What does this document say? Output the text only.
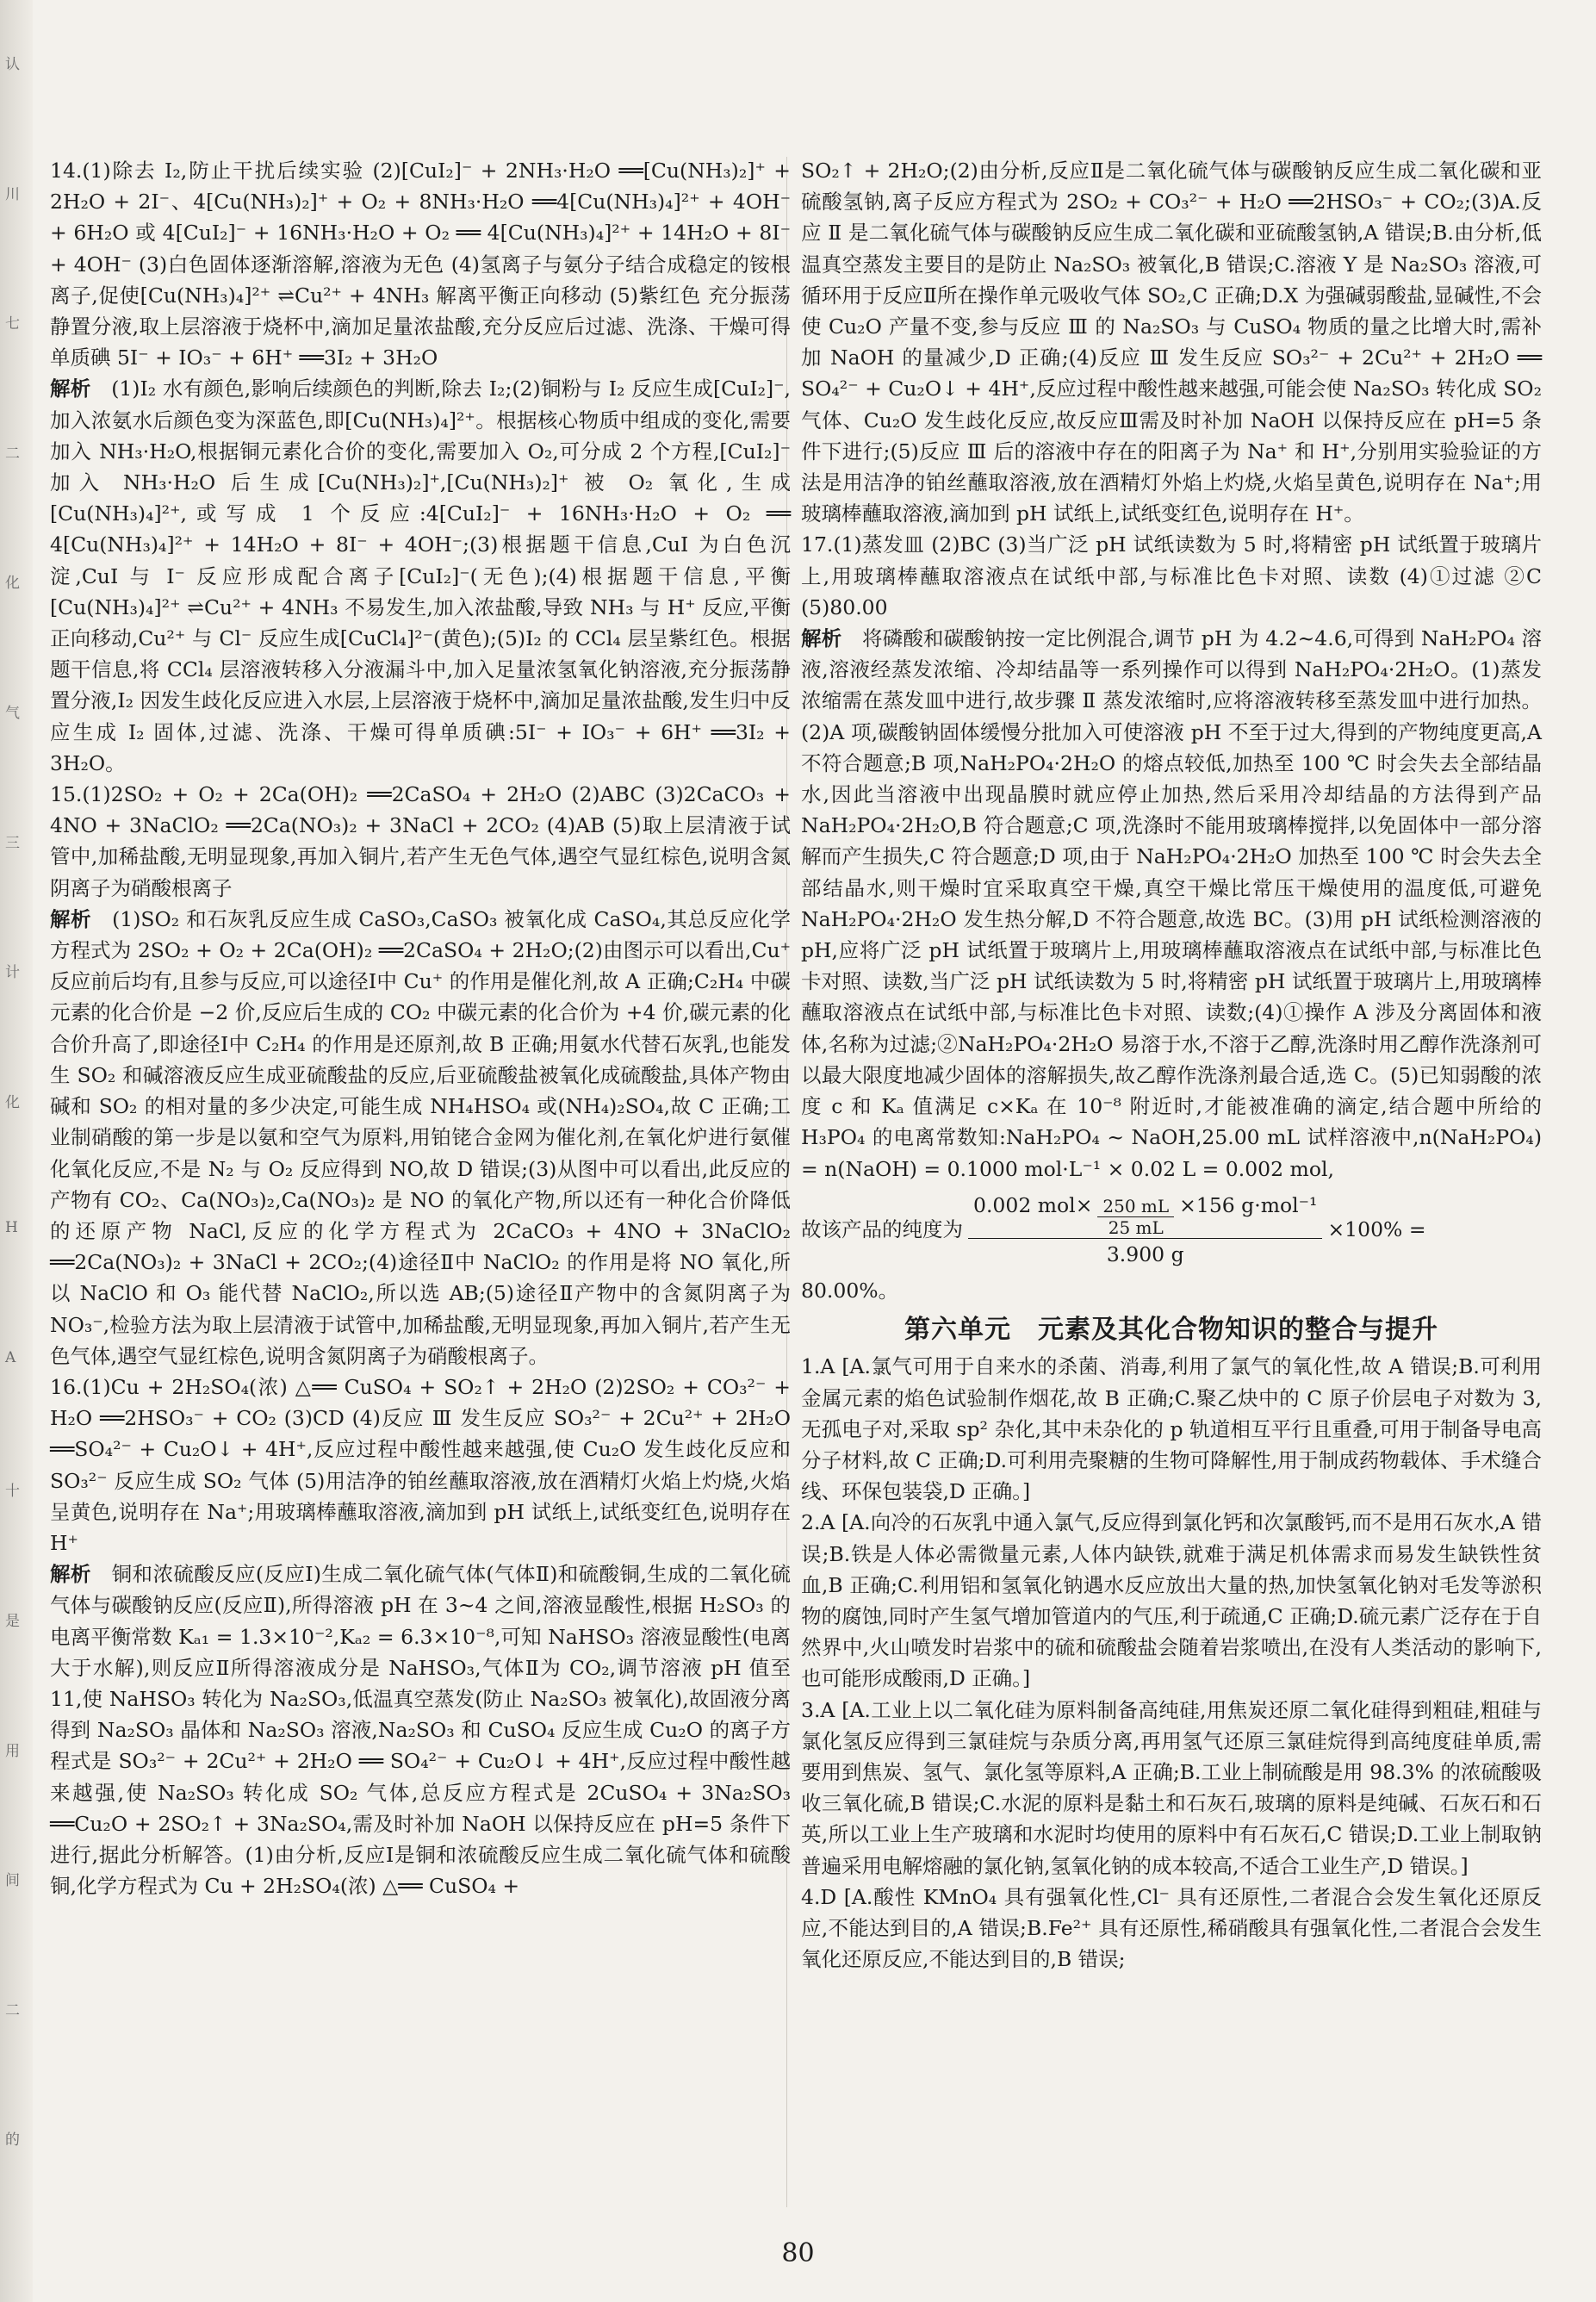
认
川
七
二
化
气
三
计
化
H
A
十
是
用
间
二
的

14.(1)除去 I₂,防止干扰后续实验 (2)[CuI₂]⁻ + 2NH₃·H₂O ══[Cu(NH₃)₂]⁺ + 2H₂O + 2I⁻、4[Cu(NH₃)₂]⁺ + O₂ + 8NH₃·H₂O ══4[Cu(NH₃)₄]²⁺ + 4OH⁻ + 6H₂O 或 4[CuI₂]⁻ + 16NH₃·H₂O + O₂ ══ 4[Cu(NH₃)₄]²⁺ + 14H₂O + 8I⁻ + 4OH⁻ (3)白色固体逐渐溶解,溶液为无色 (4)氢离子与氨分子结合成稳定的铵根离子,促使[Cu(NH₃)₄]²⁺ ⇌Cu²⁺ + 4NH₃ 解离平衡正向移动 (5)紫红色 充分振荡静置分液,取上层溶液于烧杯中,滴加足量浓盐酸,充分反应后过滤、洗涤、干燥可得单质碘 5I⁻ + IO₃⁻ + 6H⁺ ══3I₂ + 3H₂O

解析　 (1)I₂ 水有颜色,影响后续颜色的判断,除去 I₂;(2)铜粉与 I₂ 反应生成[CuI₂]⁻,加入浓氨水后颜色变为深蓝色,即[Cu(NH₃)₄]²⁺。根据核心物质中组成的变化,需要加入 NH₃·H₂O,根据铜元素化合价的变化,需要加入 O₂,可分成 2 个方程,[CuI₂]⁻ 加入 NH₃·H₂O 后生成[Cu(NH₃)₂]⁺,[Cu(NH₃)₂]⁺ 被 O₂ 氧化,生成[Cu(NH₃)₄]²⁺,或写成 1 个反应:4[CuI₂]⁻ + 16NH₃·H₂O + O₂ ══ 4[Cu(NH₃)₄]²⁺ + 14H₂O + 8I⁻ + 4OH⁻;(3)根据题干信息,CuI 为白色沉淀,CuI 与 I⁻ 反应形成配合离子[CuI₂]⁻(无色);(4)根据题干信息,平衡[Cu(NH₃)₄]²⁺ ⇌Cu²⁺ + 4NH₃ 不易发生,加入浓盐酸,导致 NH₃ 与 H⁺ 反应,平衡正向移动,Cu²⁺ 与 Cl⁻ 反应生成[CuCl₄]²⁻(黄色);(5)I₂ 的 CCl₄ 层呈紫红色。根据题干信息,将 CCl₄ 层溶液转移入分液漏斗中,加入足量浓氢氧化钠溶液,充分振荡静置分液,I₂ 因发生歧化反应进入水层,上层溶液于烧杯中,滴加足量浓盐酸,发生归中反应生成 I₂ 固体,过滤、洗涤、干燥可得单质碘:5I⁻ + IO₃⁻ + 6H⁺ ══3I₂ + 3H₂O。

15.(1)2SO₂ + O₂ + 2Ca(OH)₂ ══2CaSO₄ + 2H₂O (2)ABC (3)2CaCO₃ + 4NO + 3NaClO₂ ══2Ca(NO₃)₂ + 3NaCl + 2CO₂ (4)AB (5)取上层清液于试管中,加稀盐酸,无明显现象,再加入铜片,若产生无色气体,遇空气显红棕色,说明含氮阴离子为硝酸根离子

解析　 (1)SO₂ 和石灰乳反应生成 CaSO₃,CaSO₃ 被氧化成 CaSO₄,其总反应化学方程式为 2SO₂ + O₂ + 2Ca(OH)₂ ══2CaSO₄ + 2H₂O;(2)由图示可以看出,Cu⁺ 反应前后均有,且参与反应,可以途径Ⅰ中 Cu⁺ 的作用是催化剂,故 A 正确;C₂H₄ 中碳元素的化合价是 −2 价,反应后生成的 CO₂ 中碳元素的化合价为 +4 价,碳元素的化合价升高了,即途径Ⅰ中 C₂H₄ 的作用是还原剂,故 B 正确;用氨水代替石灰乳,也能发生 SO₂ 和碱溶液反应生成亚硫酸盐的反应,后亚硫酸盐被氧化成硫酸盐,具体产物由碱和 SO₂ 的相对量的多少决定,可能生成 NH₄HSO₄ 或(NH₄)₂SO₄,故 C 正确;工业制硝酸的第一步是以氨和空气为原料,用铂铑合金网为催化剂,在氧化炉进行氨催化氧化反应,不是 N₂ 与 O₂ 反应得到 NO,故 D 错误;(3)从图中可以看出,此反应的产物有 CO₂、Ca(NO₃)₂,Ca(NO₃)₂ 是 NO 的氧化产物,所以还有一种化合价降低的还原产物 NaCl,反应的化学方程式为 2CaCO₃ + 4NO + 3NaClO₂ ══2Ca(NO₃)₂ + 3NaCl + 2CO₂;(4)途径Ⅱ中 NaClO₂ 的作用是将 NO 氧化,所以 NaClO 和 O₃ 能代替 NaClO₂,所以选 AB;(5)途径Ⅱ产物中的含氮阴离子为 NO₃⁻,检验方法为取上层清液于试管中,加稀盐酸,无明显现象,再加入铜片,若产生无色气体,遇空气显红棕色,说明含氮阴离子为硝酸根离子。

16.(1)Cu + 2H₂SO₄(浓) △══ CuSO₄ + SO₂↑ + 2H₂O (2)2SO₂ + CO₃²⁻ + H₂O ══2HSO₃⁻ + CO₂ (3)CD (4)反应 Ⅲ 发生反应 SO₃²⁻ + 2Cu²⁺ + 2H₂O ══SO₄²⁻ + Cu₂O↓ + 4H⁺,反应过程中酸性越来越强,使 Cu₂O 发生歧化反应和 SO₃²⁻ 反应生成 SO₂ 气体 (5)用洁净的铂丝蘸取溶液,放在酒精灯火焰上灼烧,火焰呈黄色,说明存在 Na⁺;用玻璃棒蘸取溶液,滴加到 pH 试纸上,试纸变红色,说明存在 H⁺

解析　 铜和浓硫酸反应(反应Ⅰ)生成二氧化硫气体(气体Ⅱ)和硫酸铜,生成的二氧化硫气体与碳酸钠反应(反应Ⅱ),所得溶液 pH 在 3~4 之间,溶液显酸性,根据 H₂SO₃ 的电离平衡常数 Kₐ₁ = 1.3×10⁻²,Kₐ₂ = 6.3×10⁻⁸,可知 NaHSO₃ 溶液显酸性(电离大于水解),则反应Ⅱ所得溶液成分是 NaHSO₃,气体Ⅱ为 CO₂,调节溶液 pH 值至 11,使 NaHSO₃ 转化为 Na₂SO₃,低温真空蒸发(防止 Na₂SO₃ 被氧化),故固液分离得到 Na₂SO₃ 晶体和 Na₂SO₃ 溶液,Na₂SO₃ 和 CuSO₄ 反应生成 Cu₂O 的离子方程式是 SO₃²⁻ + 2Cu²⁺ + 2H₂O ══ SO₄²⁻ + Cu₂O↓ + 4H⁺,反应过程中酸性越来越强,使 Na₂SO₃ 转化成 SO₂ 气体,总反应方程式是 2CuSO₄ + 3Na₂SO₃ ══Cu₂O + 2SO₂↑ + 3Na₂SO₄,需及时补加 NaOH 以保持反应在 pH=5 条件下进行,据此分析解答。(1)由分析,反应Ⅰ是铜和浓硫酸反应生成二氧化硫气体和硫酸铜,化学方程式为 Cu + 2H₂SO₄(浓) △══ CuSO₄ +

SO₂↑ + 2H₂O;(2)由分析,反应Ⅱ是二氧化硫气体与碳酸钠反应生成二氧化碳和亚硫酸氢钠,离子反应方程式为 2SO₂ + CO₃²⁻ + H₂O ══2HSO₃⁻ + CO₂;(3)A.反应 Ⅱ 是二氧化硫气体与碳酸钠反应生成二氧化碳和亚硫酸氢钠,A 错误;B.由分析,低温真空蒸发主要目的是防止 Na₂SO₃ 被氧化,B 错误;C.溶液 Y 是 Na₂SO₃ 溶液,可循环用于反应Ⅱ所在操作单元吸收气体 SO₂,C 正确;D.X 为强碱弱酸盐,显碱性,不会使 Cu₂O 产量不变,参与反应 Ⅲ 的 Na₂SO₃ 与 CuSO₄ 物质的量之比增大时,需补加 NaOH 的量减少,D 正确;(4)反应 Ⅲ 发生反应 SO₃²⁻ + 2Cu²⁺ + 2H₂O ══ SO₄²⁻ + Cu₂O↓ + 4H⁺,反应过程中酸性越来越强,可能会使 Na₂SO₃ 转化成 SO₂ 气体、Cu₂O 发生歧化反应,故反应Ⅲ需及时补加 NaOH 以保持反应在 pH=5 条件下进行;(5)反应 Ⅲ 后的溶液中存在的阳离子为 Na⁺ 和 H⁺,分别用实验验证的方法是用洁净的铂丝蘸取溶液,放在酒精灯外焰上灼烧,火焰呈黄色,说明存在 Na⁺;用玻璃棒蘸取溶液,滴加到 pH 试纸上,试纸变红色,说明存在 H⁺。

17.(1)蒸发皿 (2)BC (3)当广泛 pH 试纸读数为 5 时,将精密 pH 试纸置于玻璃片上,用玻璃棒蘸取溶液点在试纸中部,与标准比色卡对照、读数 (4)①过滤 ②C (5)80.00

解析　 将磷酸和碳酸钠按一定比例混合,调节 pH 为 4.2~4.6,可得到 NaH₂PO₄ 溶液,溶液经蒸发浓缩、冷却结晶等一系列操作可以得到 NaH₂PO₄·2H₂O。(1)蒸发浓缩需在蒸发皿中进行,故步骤 Ⅱ 蒸发浓缩时,应将溶液转移至蒸发皿中进行加热。(2)A 项,碳酸钠固体缓慢分批加入可使溶液 pH 不至于过大,得到的产物纯度更高,A 不符合题意;B 项,NaH₂PO₄·2H₂O 的熔点较低,加热至 100 ℃ 时会失去全部结晶水,因此当溶液中出现晶膜时就应停止加热,然后采用冷却结晶的方法得到产品 NaH₂PO₄·2H₂O,B 符合题意;C 项,洗涤时不能用玻璃棒搅拌,以免固体中一部分溶解而产生损失,C 符合题意;D 项,由于 NaH₂PO₄·2H₂O 加热至 100 ℃ 时会失去全部结晶水,则干燥时宜采取真空干燥,真空干燥比常压干燥使用的温度低,可避免 NaH₂PO₄·2H₂O 发生热分解,D 不符合题意,故选 BC。(3)用 pH 试纸检测溶液的 pH,应将广泛 pH 试纸置于玻璃片上,用玻璃棒蘸取溶液点在试纸中部,与标准比色卡对照、读数,当广泛 pH 试纸读数为 5 时,将精密 pH 试纸置于玻璃片上,用玻璃棒蘸取溶液点在试纸中部,与标准比色卡对照、读数;(4)①操作 A 涉及分离固体和液体,名称为过滤;②NaH₂PO₄·2H₂O 易溶于水,不溶于乙醇,洗涤时用乙醇作洗涤剂可以最大限度地减少固体的溶解损失,故乙醇作洗涤剂最合适,选 C。(5)已知弱酸的浓度 c 和 Kₐ 值满足 c×Kₐ 在 10⁻⁸ 附近时,才能被准确的滴定,结合题中所给的 H₃PO₄ 的电离常数知:NaH₂PO₄ ~ NaOH,25.00 mL 试样溶液中,n(NaH₂PO₄) = n(NaOH) = 0.1000 mol·L⁻¹ × 0.02 L = 0.002 mol,

故该产品的纯度为 $\frac{0.002 mol\times \frac{250 mL}{25 mL} \times 156 g\cdot mol^{-1}}{3.900 g} \times 100\%$ =

80.00%。

第六单元　元素及其化合物知识的整合与提升

1.A [A.氯气可用于自来水的杀菌、消毒,利用了氯气的氧化性,故 A 错误;B.可利用金属元素的焰色试验制作烟花,故 B 正确;C.聚乙炔中的 C 原子价层电子对数为 3,无孤电子对,采取 sp² 杂化,其中未杂化的 p 轨道相互平行且重叠,可用于制备导电高分子材料,故 C 正确;D.可利用壳聚糖的生物可降解性,用于制成药物载体、手术缝合线、环保包装袋,D 正确。]

2.A [A.向冷的石灰乳中通入氯气,反应得到氯化钙和次氯酸钙,而不是用石灰水,A 错误;B.铁是人体必需微量元素,人体内缺铁,就难于满足机体需求而易发生缺铁性贫血,B 正确;C.利用铝和氢氧化钠遇水反应放出大量的热,加快氢氧化钠对毛发等淤积物的腐蚀,同时产生氢气增加管道内的气压,利于疏通,C 正确;D.硫元素广泛存在于自然界中,火山喷发时岩浆中的硫和硫酸盐会随着岩浆喷出,在没有人类活动的影响下,也可能形成酸雨,D 正确。]

3.A [A.工业上以二氧化硅为原料制备高纯硅,用焦炭还原二氧化硅得到粗硅,粗硅与氯化氢反应得到三氯硅烷与杂质分离,再用氢气还原三氯硅烷得到高纯度硅单质,需要用到焦炭、氢气、氯化氢等原料,A 正确;B.工业上制硫酸是用 98.3% 的浓硫酸吸收三氧化硫,B 错误;C.水泥的原料是黏土和石灰石,玻璃的原料是纯碱、石灰石和石英,所以工业上生产玻璃和水泥时均使用的原料中有石灰石,C 错误;D.工业上制取钠普遍采用电解熔融的氯化钠,氢氧化钠的成本较高,不适合工业生产,D 错误。]

4.D [A.酸性 KMnO₄ 具有强氧化性,Cl⁻ 具有还原性,二者混合会发生氧化还原反应,不能达到目的,A 错误;B.Fe²⁺ 具有还原性,稀硝酸具有强氧化性,二者混合会发生氧化还原反应,不能达到目的,B 错误;

80
